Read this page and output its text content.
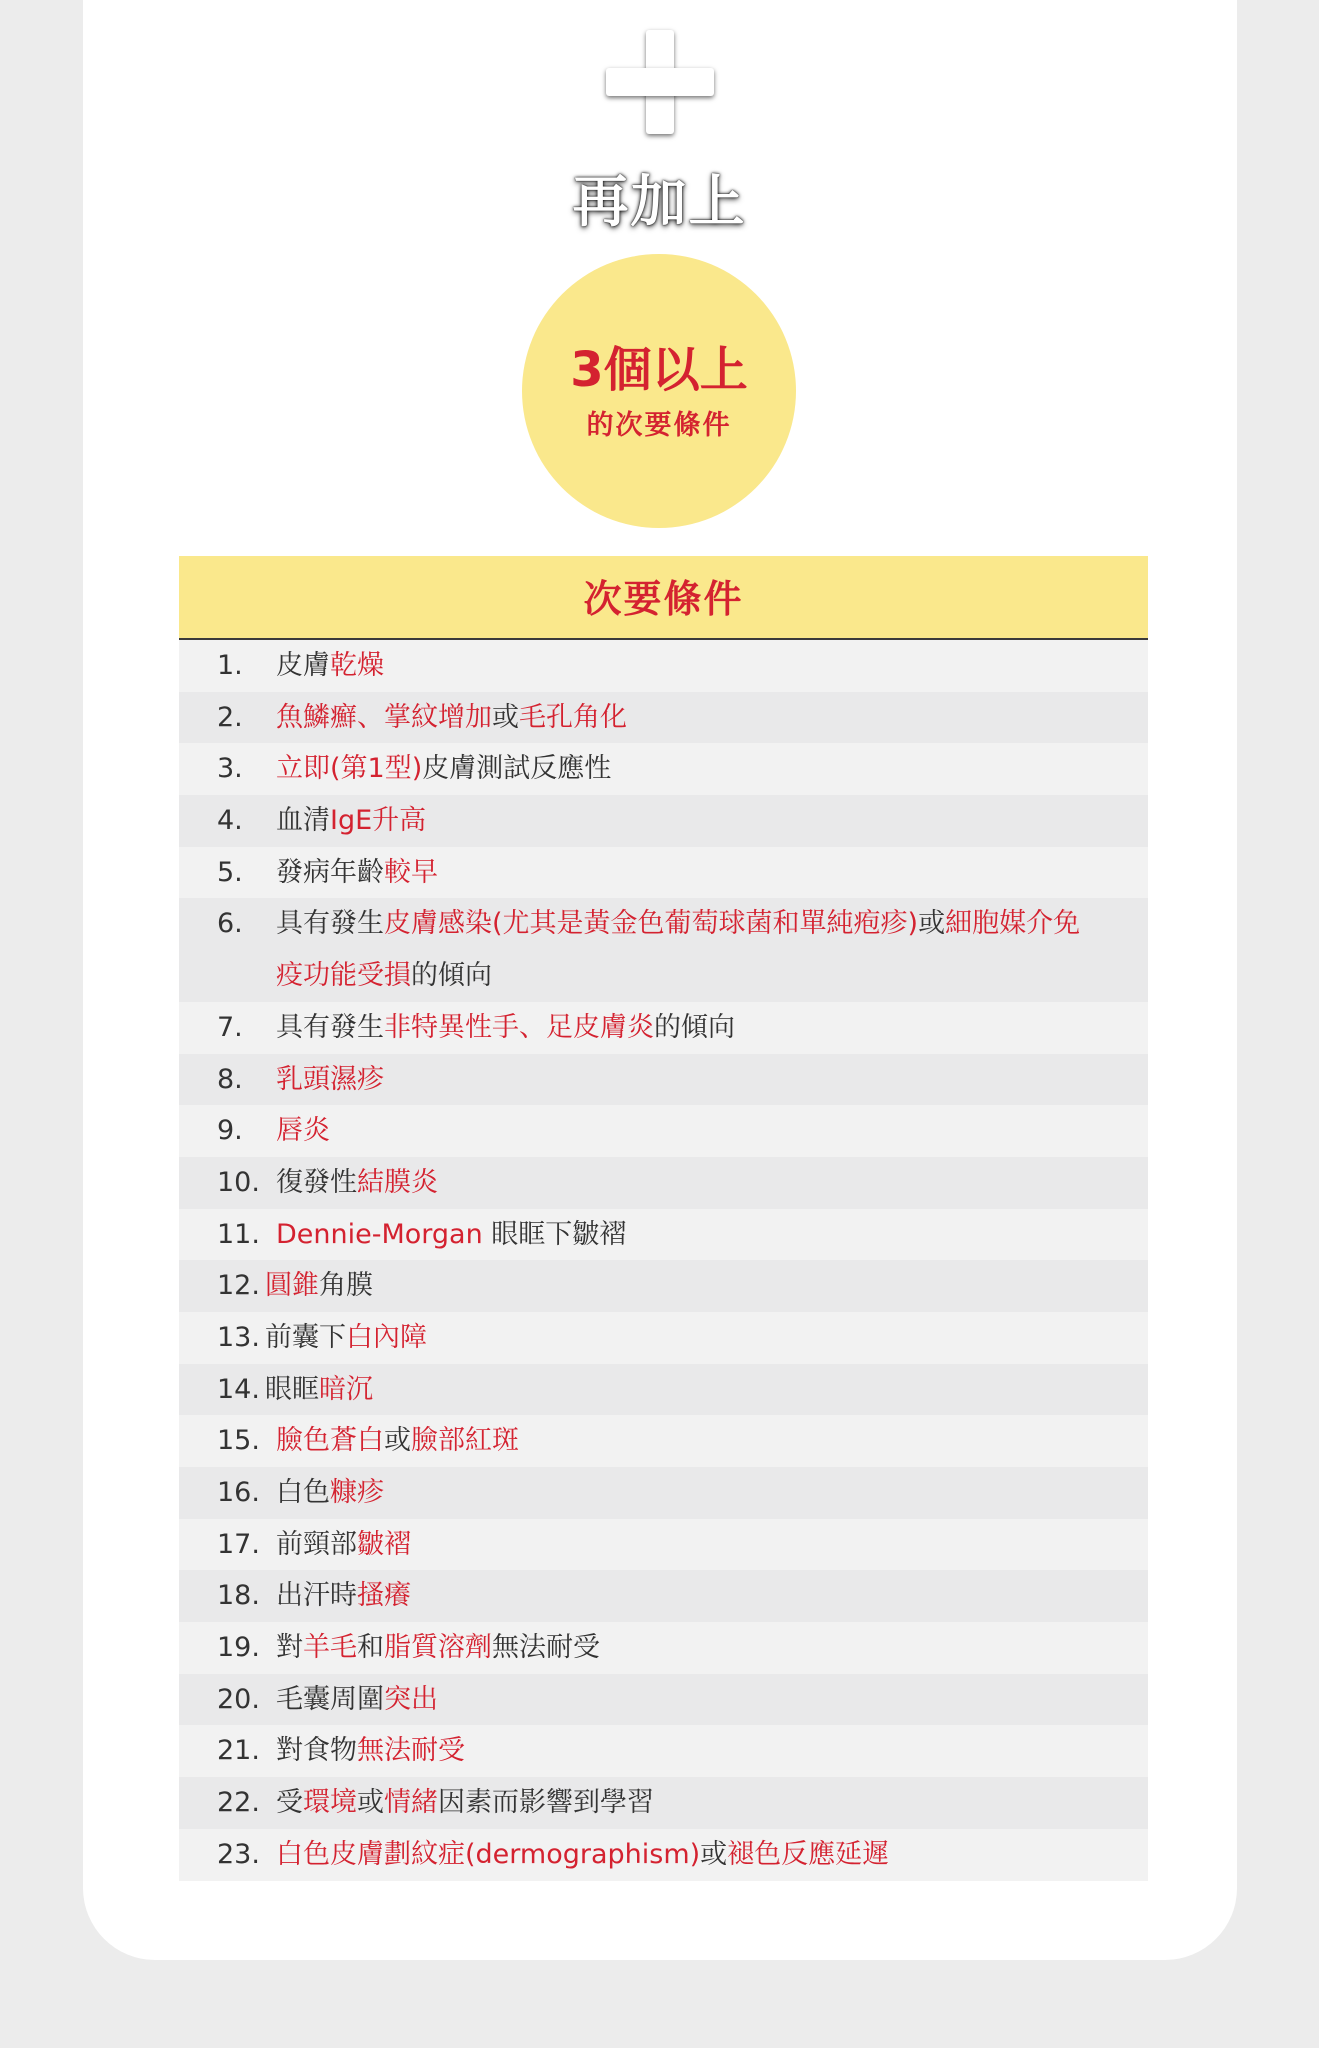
再加上
3個以上
的次要條件
次要條件
1. 皮膚乾燥
2. 魚鱗癬、掌紋增加或毛孔角化
3. 立即(第1型)皮膚測試反應性
4. 血清IgE升高
5. 發病年齡較早
6. 具有發生皮膚感染(尤其是黃金色葡萄球菌和單純疱疹)或細胞媒介免疫功能受損的傾向
7. 具有發生非特異性手、足皮膚炎的傾向
8. 乳頭濕疹
9. 唇炎
10. 復發性結膜炎
11. Dennie-Morgan 眼眶下皺褶
12. 圓錐角膜
13. 前囊下白內障
14. 眼眶暗沉
15. 臉色蒼白或臉部紅斑
16. 白色糠疹
17. 前頸部皺褶
18. 出汗時搔癢
19. 對羊毛和脂質溶劑無法耐受
20. 毛囊周圍突出
21. 對食物無法耐受
22. 受環境或情緒因素而影響到學習
23. 白色皮膚劃紋症(dermographism)或褪色反應延遲
